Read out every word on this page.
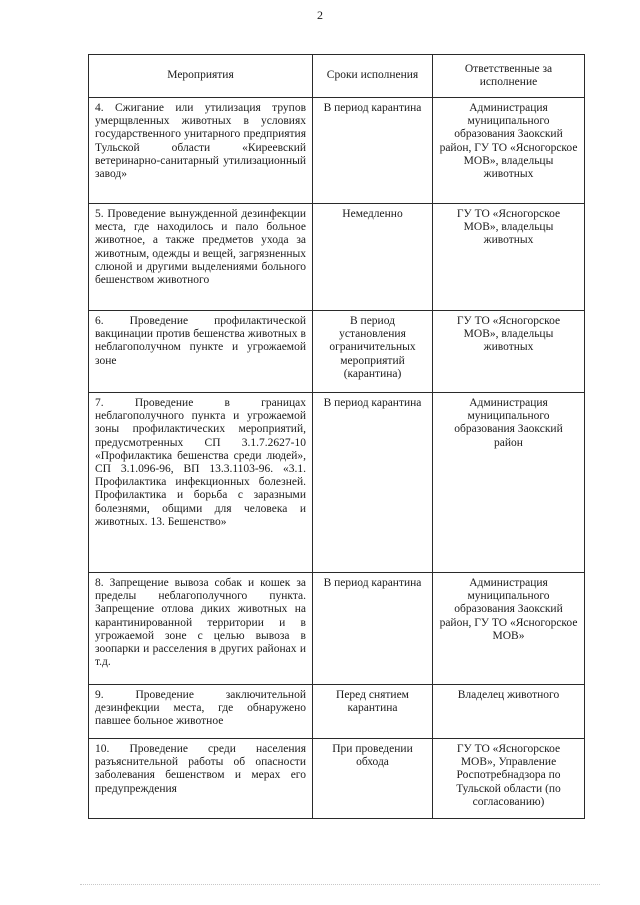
2
Мероприятия	Сроки исполнения	Ответственные за исполнение
4. Сжигание или утилизация трупов умерщвленных животных в условиях государственного унитарного предприятия Тульской области «Киреевский ветеринарно-санитарный утилизационный завод»	В период карантина	Администрация муниципального образования Заокский район, ГУ ТО «Ясногорское МОВ», владельцы животных
5. Проведение вынужденной дезинфекции места, где находилось и пало больное животное, а также предметов ухода за животным, одежды и вещей, загрязненных слюной и другими выделениями больного бешенством животного	Немедленно	ГУ ТО «Ясногорское МОВ», владельцы животных
6. Проведение профилактической вакцинации против бешенства животных в неблагополучном пункте и угрожаемой зоне	В период установления ограничительных мероприятий (карантина)	ГУ ТО «Ясногорское МОВ», владельцы животных
7. Проведение в границах неблагополучного пункта и угрожаемой зоны профилактических мероприятий, предусмотренных СП 3.1.7.2627-10 «Профилактика бешенства среди людей», СП 3.1.096-96, ВП 13.3.1103-96. «3.1. Профилактика инфекционных болезней. Профилактика и борьба с заразными болезнями, общими для человека и животных. 13. Бешенство»	В период карантина	Администрация муниципального образования Заокский район
8. Запрещение вывоза собак и кошек за пределы неблагополучного пункта. Запрещение отлова диких животных на карантинированной территории и в угрожаемой зоне с целью вывоза в зоопарки и расселения в других районах и т.д.	В период карантина	Администрация муниципального образования Заокский район, ГУ ТО «Ясногорское МОВ»
9. Проведение заключительной дезинфекции места, где обнаружено павшее больное животное	Перед снятием карантина	Владелец животного
10. Проведение среди населения разъяснительной работы об опасности заболевания бешенством и мерах его предупреждения	При проведении обхода	ГУ ТО «Ясногорское МОВ», Управление Роспотребнадзора по Тульской области (по согласованию)
